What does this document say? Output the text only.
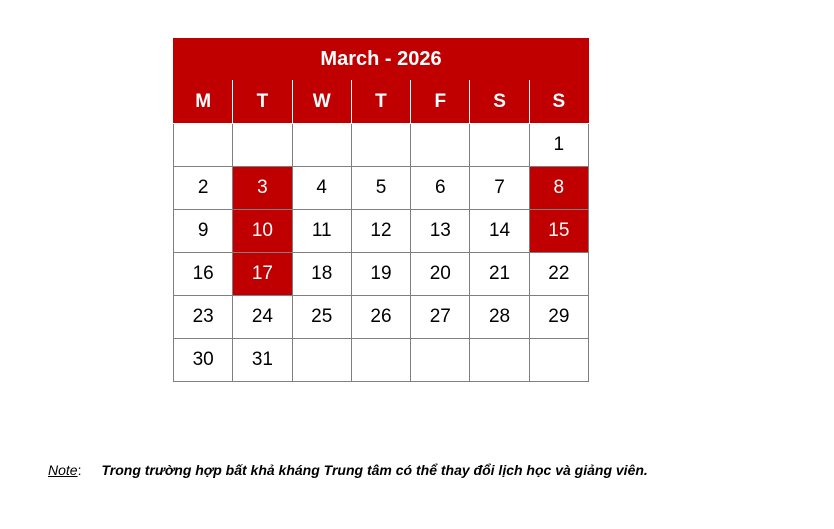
March - 2026
M	T	W	T	F	S	S
						1
2	3	4	5	6	7	8
9	10	11	12	13	14	15
16	17	18	19	20	21	22
23	24	25	26	27	28	29
30	31					
Note: Trong trường hợp bất khả kháng Trung tâm có thể thay đổi lịch học và giảng viên.
